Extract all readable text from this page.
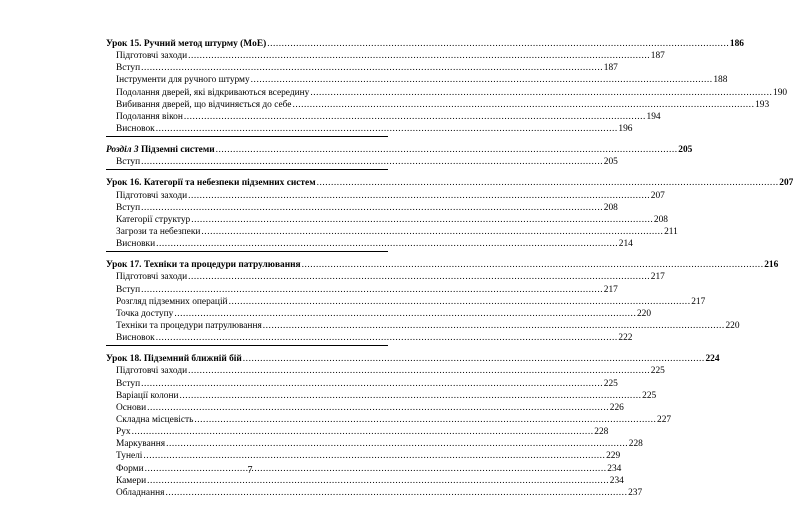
Урок 15. Ручний метод штурму (MoE) . . .	186
Підготовчі заходи . . .	187
Вступ . . .	187
Інструменти для ручного штурму . . .	188
Подолання дверей, які відкриваються всередину . . .	190
Вибивання дверей, що відчиняється до себе . . .	193
Подолання вікон . . .	194
Висновок . . .	196
Розділ 3 Підземні системи . . .	205
Вступ . . .	205
Урок 16. Категорії та небезпеки підземних систем . . .	207
Підготовчі заходи . . .	207
Вступ . . .	208
Категорії структур . . .	208
Загрози та небезпеки . . .	211
Висновки . . .	214
Урок 17. Техніки та процедури патрулювання . . .	216
Підготовчі заходи . . .	217
Вступ . . .	217
Розгляд підземних операцій . . .	217
Точка доступу . . .	220
Техніки та процедури патрулювання . . .	220
Висновок . . .	222
Урок 18. Підземний ближній бій . . .	224
Підготовчі заходи . . .	225
Вступ . . .	225
Варіації колони . . .	225
Основи . . .	226
Складна місцевість . . .	227
Рух . . .	228
Маркування . . .	228
Тунелі . . .	229
Форми . . .	234
Камери . . .	234
Обладнання . . .	237
7
